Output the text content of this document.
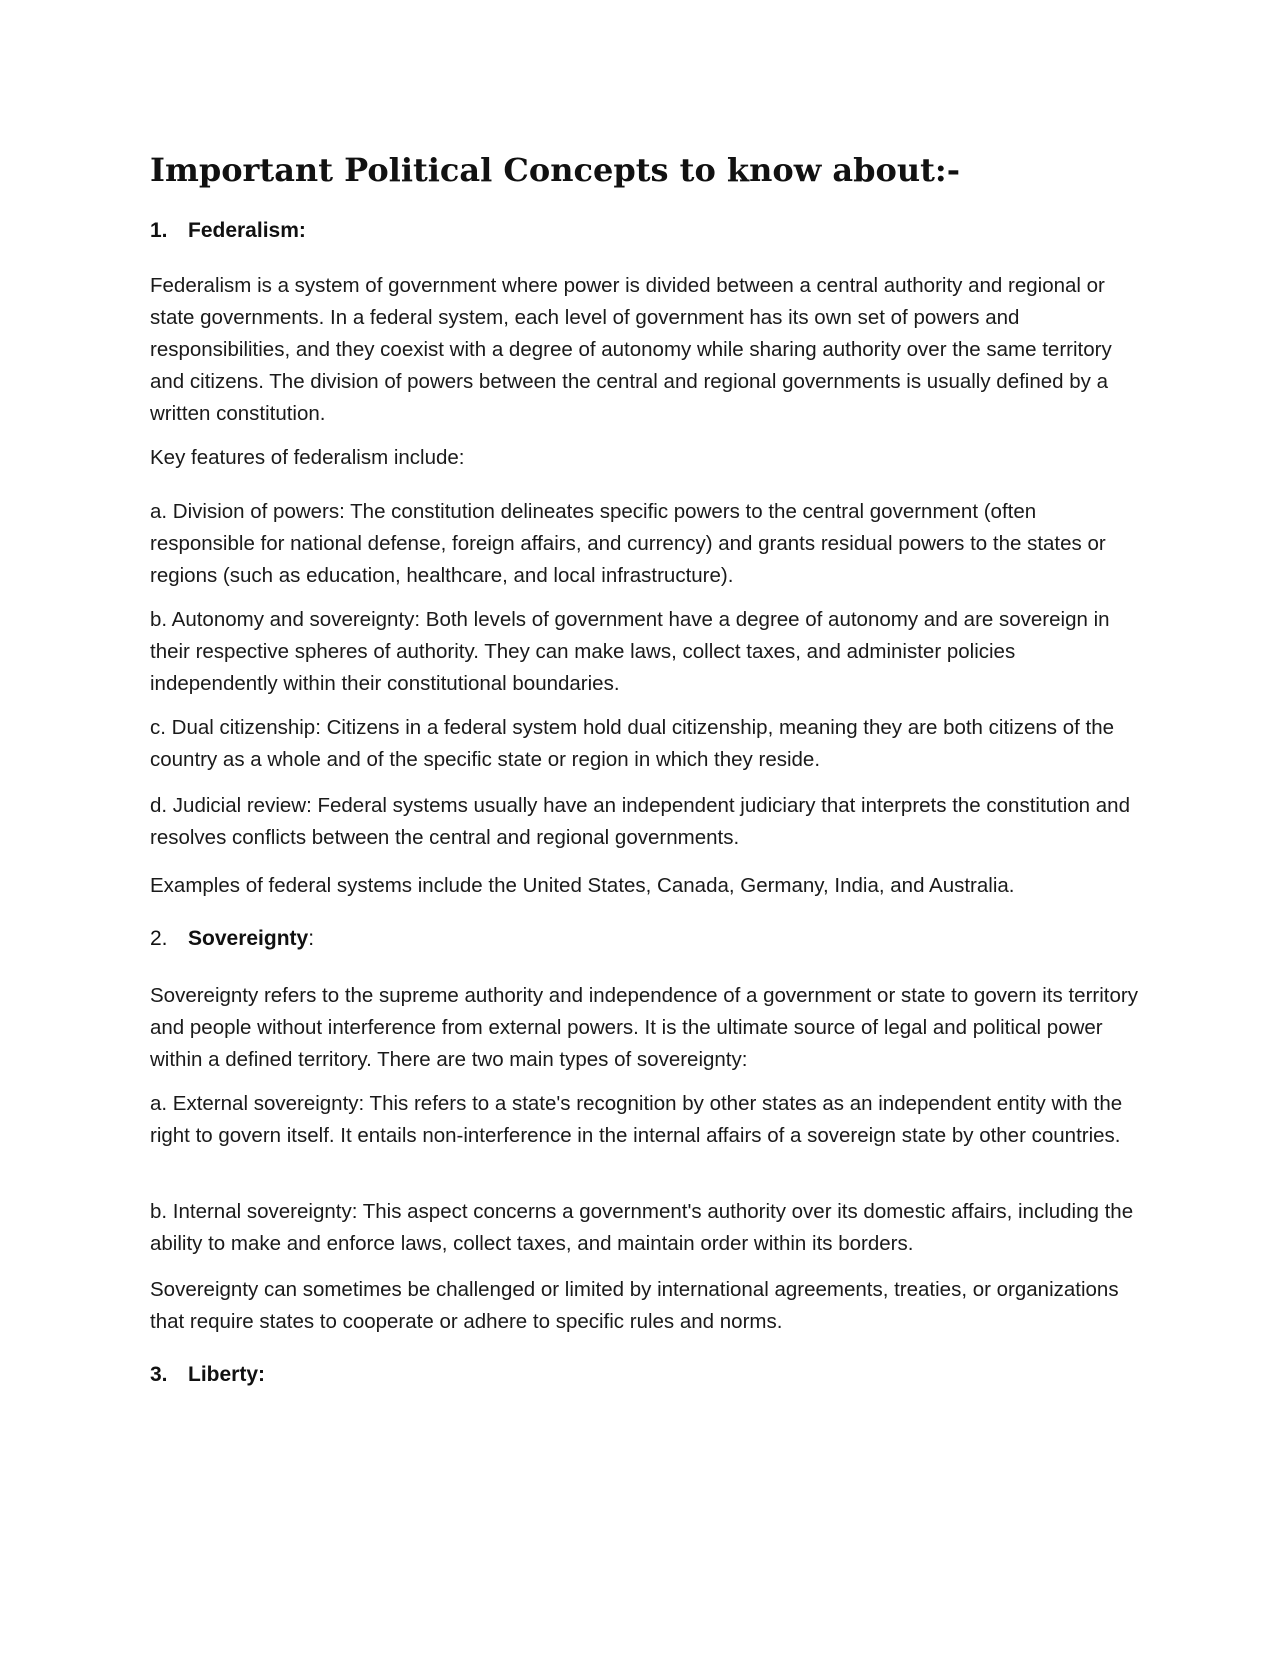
Important Political Concepts to know about:-
1. Federalism:

Federalism is a system of government where power is divided between a central authority and regional or state governments. In a federal system, each level of government has its own set of powers and responsibilities, and they coexist with a degree of autonomy while sharing authority over the same territory and citizens. The division of powers between the central and regional governments is usually defined by a written constitution.

Key features of federalism include:

a. Division of powers: The constitution delineates specific powers to the central government (often responsible for national defense, foreign affairs, and currency) and grants residual powers to the states or regions (such as education, healthcare, and local infrastructure).

b. Autonomy and sovereignty: Both levels of government have a degree of autonomy and are sovereign in their respective spheres of authority. They can make laws, collect taxes, and administer policies independently within their constitutional boundaries.

c. Dual citizenship: Citizens in a federal system hold dual citizenship, meaning they are both citizens of the country as a whole and of the specific state or region in which they reside.

d. Judicial review: Federal systems usually have an independent judiciary that interprets the constitution and resolves conflicts between the central and regional governments.

Examples of federal systems include the United States, Canada, Germany, India, and Australia.

2. Sovereignty:

Sovereignty refers to the supreme authority and independence of a government or state to govern its territory and people without interference from external powers. It is the ultimate source of legal and political power within a defined territory. There are two main types of sovereignty:

a. External sovereignty: This refers to a state's recognition by other states as an independent entity with the right to govern itself. It entails non-interference in the internal affairs of a sovereign state by other countries.

b. Internal sovereignty: This aspect concerns a government's authority over its domestic affairs, including the ability to make and enforce laws, collect taxes, and maintain order within its borders.

Sovereignty can sometimes be challenged or limited by international agreements, treaties, or organizations that require states to cooperate or adhere to specific rules and norms.

3. Liberty:
